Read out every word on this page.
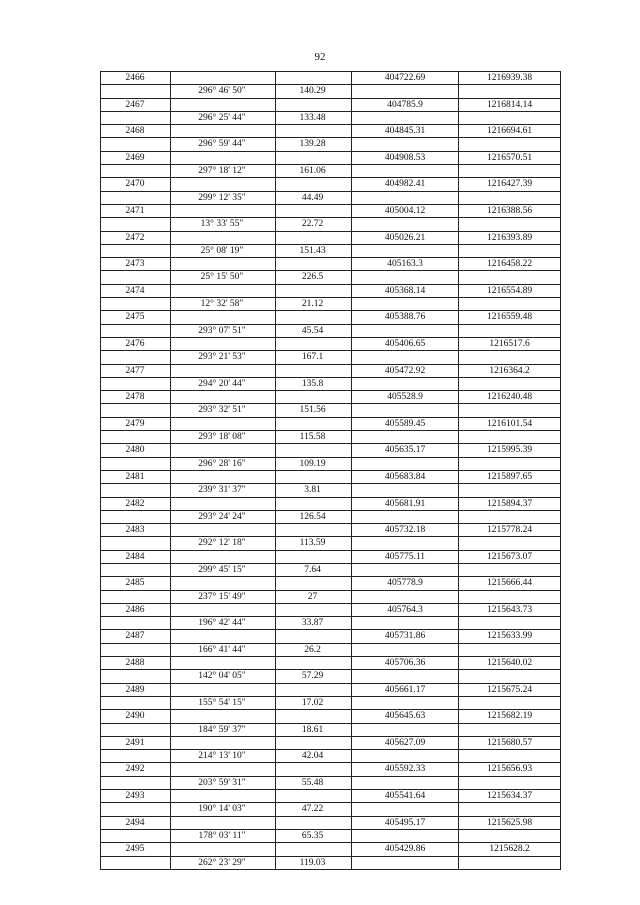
92
2466	404722.69	1216939.38
296° 46' 50"	140.29
2467	404785.9	1216814.14
296° 25' 44"	133.48
2468	404845.31	1216694.61
296° 59' 44"	139.28
2469	404908.53	1216570.51
297° 18' 12"	161.06
2470	404982.41	1216427.39
299° 12' 35"	44.49
2471	405004.12	1216388.56
13° 33' 55"	22.72
2472	405026.21	1216393.89
25° 08' 19"	151.43
2473	405163.3	1216458.22
25° 15' 50"	226.5
2474	405368.14	1216554.89
12° 32' 58"	21.12
2475	405388.76	1216559.48
293° 07' 51"	45.54
2476	405406.65	1216517.6
293° 21' 53"	167.1
2477	405472.92	1216364.2
294° 20' 44"	135.8
2478	405528.9	1216240.48
293° 32' 51"	151.56
2479	405589.45	1216101.54
293° 18' 08"	115.58
2480	405635.17	1215995.39
296° 28' 16"	109.19
2481	405683.84	1215897.65
239° 31' 37"	3.81
2482	405681.91	1215894.37
293° 24' 24"	126.54
2483	405732.18	1215778.24
292° 12' 18"	113.59
2484	405775.11	1215673.07
299° 45' 15"	7.64
2485	405778.9	1215666.44
237° 15' 49"	27
2486	405764.3	1215643.73
196° 42' 44"	33.87
2487	405731.86	1215633.99
166° 41' 44"	26.2
2488	405706.36	1215640.02
142° 04' 05"	57.29
2489	405661.17	1215675.24
155° 54' 15"	17.02
2490	405645.63	1215682.19
184° 59' 37"	18.61
2491	405627.09	1215680.57
214° 13' 10"	42.04
2492	405592.33	1215656.93
203° 59' 31"	55.48
2493	405541.64	1215634.37
190° 14' 03"	47.22
2494	405495.17	1215625.98
178° 03' 11"	65.35
2495	405429.86	1215628.2
262° 23' 29"	119.03
